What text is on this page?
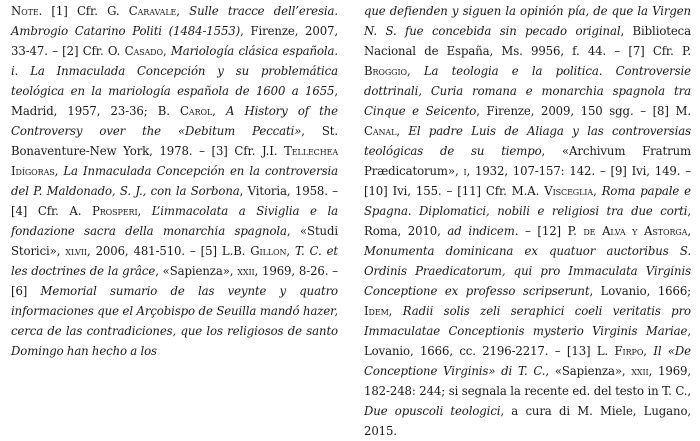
Note. [1] Cfr. G. Caravale, Sulle tracce dell’eresia. Ambrogio Catarino Politi (1484-1553), Firenze, 2007, 33-47. – [2] Cfr. O. Casado, Mariología clásica española. i. La Inmaculada Concepción y su problemática teológica en la mariología española de 1600 a 1655, Madrid, 1957, 23-36; B. Carol, A History of the Controversy over the «Debitum Peccati», St. Bonaventure-New York, 1978. – [3] Cfr. J.I. Tellechea Idígoras, La Inmaculada Concepción en la controversia del P. Maldonado, S. J., con la Sorbona, Vitoria, 1958. – [4] Cfr. A. Prosperi, L’immacolata a Siviglia e la fondazione sacra della monarchia spagnola, «Studi Storici», xlvii, 2006, 481-510. – [5] L.B. Gillon, T. C. et les doctrines de la grâce, «Sapienza», xxii, 1969, 8-26. – [6] Memorial sumario de las veynte y quatro informaciones que el Arçobispo de Seuilla mandó hazer, cerca de las contradiciones, que los religiosos de santo Domingo han hecho a los

que defienden y siguen la opinión pía, de que la Virgen N. S. fue concebida sin pecado original, Biblioteca Nacional de España, Ms. 9956, f. 44. – [7] Cfr. P. Broggio, La teologia e la politica. Controversie dottrinali, Curia romana e monarchia spagnola tra Cinque e Seicento, Firenze, 2009, 150 sgg. – [8] M. Canal, El padre Luis de Aliaga y las controversias teológicas de su tiempo, «Archivum Fratrum Prædicatorum», i, 1932, 107-157: 142. – [9] Ivi, 149. – [10] Ivi, 155. – [11] Cfr. M.A. Visceglia, Roma papale e Spagna. Diplomatici, nobili e religiosi tra due corti, Roma, 2010, ad indicem. – [12] P. de Alva y Astorga, Monumenta dominicana ex quatuor auctoribus S. Ordinis Praedicatorum, qui pro Immaculata Virginis Conceptione ex professo scripserunt, Lovanio, 1666; Idem, Radii solis zeli seraphici coeli veritatis pro Immaculatae Conceptionis mysterio Virginis Mariae, Lovanio, 1666, cc. 2196-2217. – [13] L. Firpo, Il «De Conceptione Virginis» di T. C., «Sapienza», xxii, 1969, 182-248: 244; si segnala la recente ed. del testo in T. C., Due opuscoli teologici, a cura di M. Miele, Lugano, 2015.
